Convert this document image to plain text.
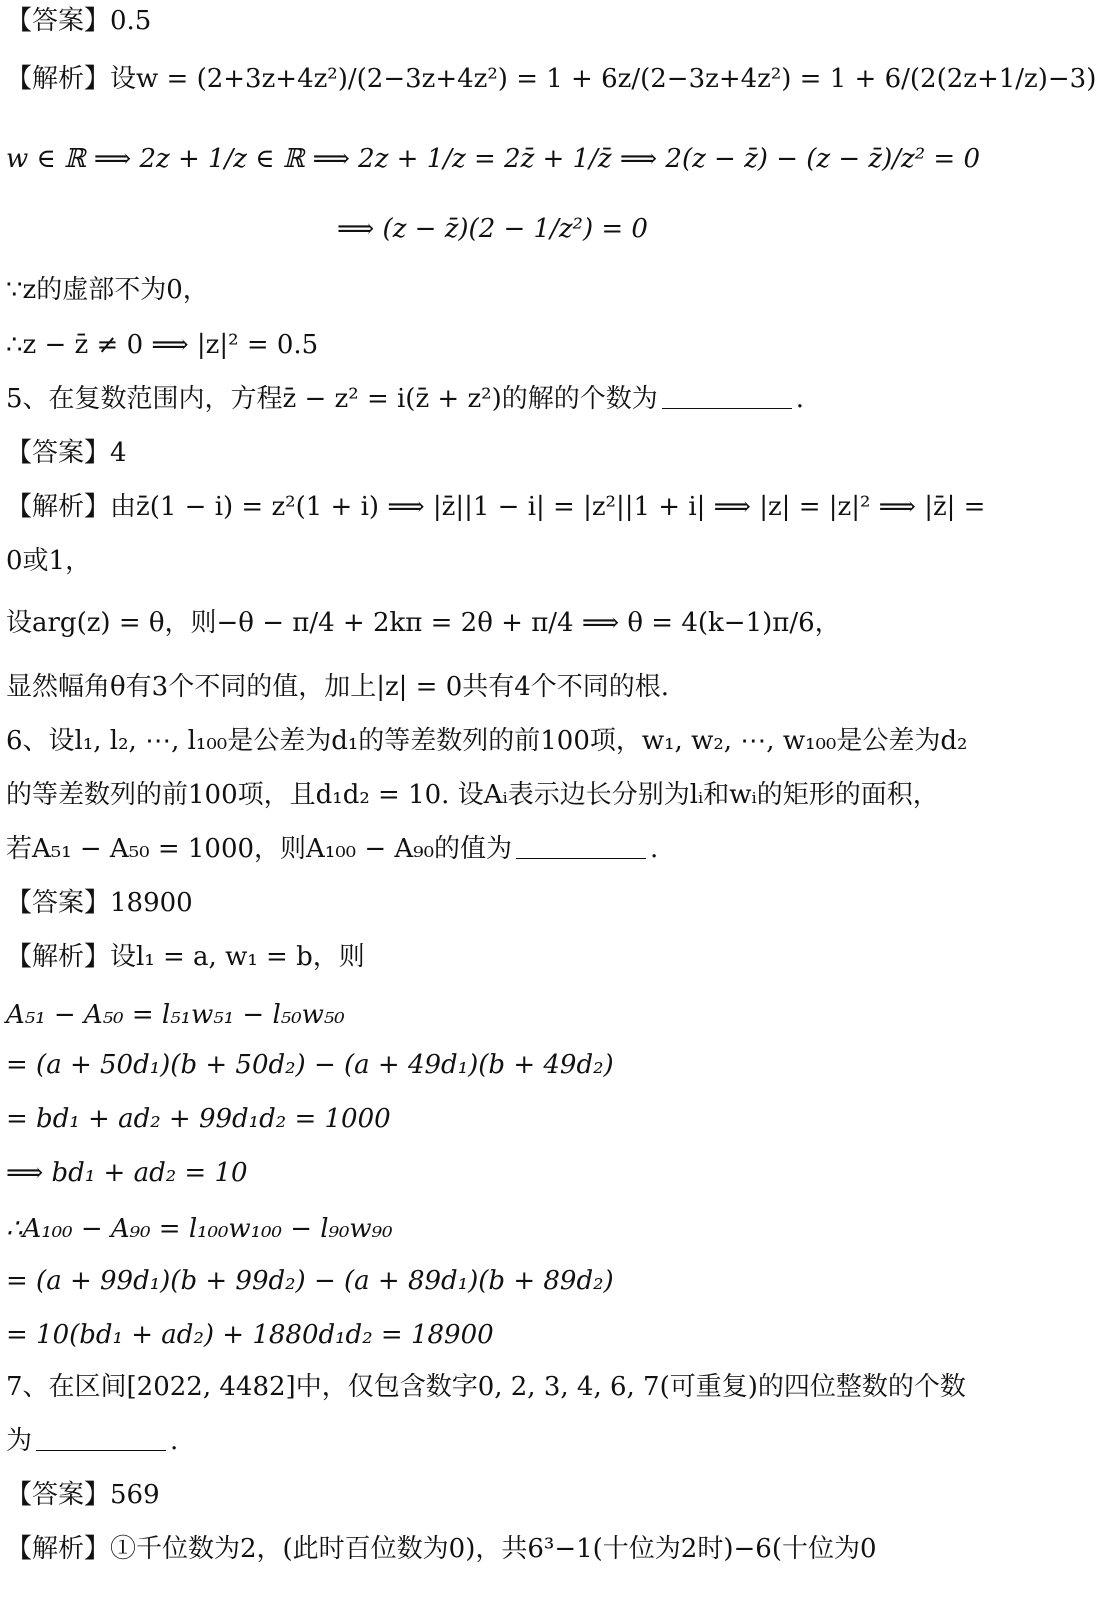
【答案】0.5
【解析】设w = (2+3z+4z²)/(2−3z+4z²) = 1 + 6z/(2−3z+4z²) = 1 + 6/(2(2z+1/z)−3)
w ∈ ℝ ⟹ 2z + 1/z ∈ ℝ ⟹ 2z + 1/z = 2z̄ + 1/z̄ ⟹ 2(z − z̄) − (z − z̄)/z² = 0
⟹ (z − z̄)(2 − 1/z²) = 0
∵z的虚部不为0，
∴z − z̄ ≠ 0 ⟹ |z|² = 0.5
5、在复数范围内，方程z̄ − z² = i(z̄ + z²)的解的个数为	.
【答案】4
【解析】由z̄(1 − i) = z²(1 + i) ⟹ |z̄||1 − i| = |z²||1 + i| ⟹ |z| = |z|² ⟹ |z̄| =
0或1，
设arg(z) = θ，则−θ − π/4 + 2kπ = 2θ + π/4 ⟹ θ = 4(k−1)π/6，
显然幅角θ有3个不同的值，加上|z| = 0共有4个不同的根.
6、设l₁, l₂, ⋯, l₁₀₀是公差为d₁的等差数列的前100项，w₁, w₂, ⋯, w₁₀₀是公差为d₂
的等差数列的前100项，且d₁d₂ = 10. 设Aᵢ表示边长分别为lᵢ和wᵢ的矩形的面积，
若A₅₁ − A₅₀ = 1000，则A₁₀₀ − A₉₀的值为	.
【答案】18900
【解析】设l₁ = a, w₁ = b，则
A₅₁ − A₅₀ = l₅₁w₅₁ − l₅₀w₅₀
= (a + 50d₁)(b + 50d₂) − (a + 49d₁)(b + 49d₂)
= bd₁ + ad₂ + 99d₁d₂ = 1000
⟹ bd₁ + ad₂ = 10
∴A₁₀₀ − A₉₀ = l₁₀₀w₁₀₀ − l₉₀w₉₀
= (a + 99d₁)(b + 99d₂) − (a + 89d₁)(b + 89d₂)
= 10(bd₁ + ad₂) + 1880d₁d₂ = 18900
7、在区间[2022, 4482]中，仅包含数字0, 2, 3, 4, 6, 7(可重复)的四位整数的个数
为	.
【答案】569
【解析】①千位数为2，(此时百位数为0)，共6³−1(十位为2时)−6(十位为0
